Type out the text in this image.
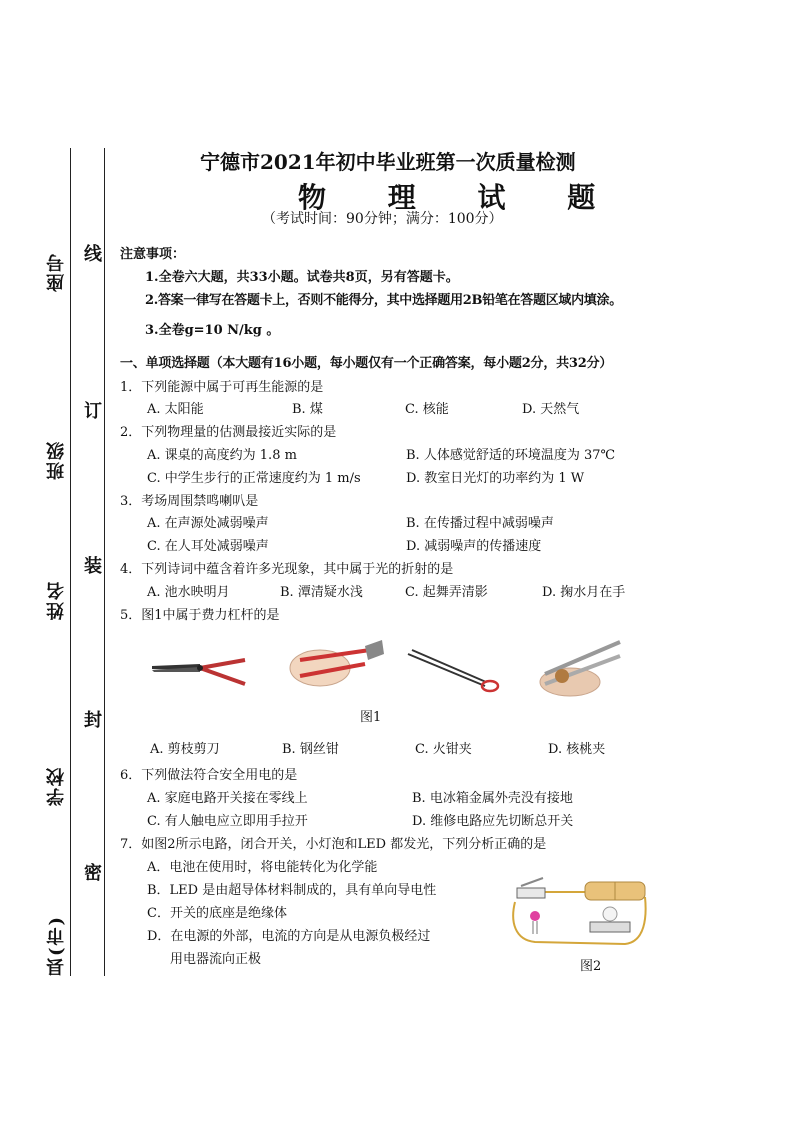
座号
班级
姓名
学校
县(市)
线
订
装
封
密
宁德市2021年初中毕业班第一次质量检测
物 理 试 题
（考试时间：90分钟；满分：100分）
注意事项：
1.全卷六大题，共33小题。试卷共8页，另有答题卡。
2.答案一律写在答题卡上，否则不能得分，其中选择题用2B铅笔在答题区域内填涂。
3.全卷g=10 N/kg 。
一、单项选择题（本大题有16小题，每小题仅有一个正确答案，每小题2分，共32分）
1．下列能源中属于可再生能源的是
A. 太阳能	B. 煤	C. 核能	D. 天然气
2．下列物理量的估测最接近实际的是
A. 课桌的高度约为 1.8 m	B. 人体感觉舒适的环境温度为 37℃
C. 中学生步行的正常速度约为 1 m/s	D. 教室日光灯的功率约为 1 W
3．考场周围禁鸣喇叭是
A. 在声源处减弱噪声	B. 在传播过程中减弱噪声
C. 在人耳处减弱噪声	D. 减弱噪声的传播速度
4．下列诗词中蕴含着许多光现象，其中属于光的折射的是
A. 池水映明月	B. 潭清疑水浅	C. 起舞弄清影	D. 掬水月在手
5．图1中属于费力杠杆的是
图1
A. 剪枝剪刀	B. 钢丝钳	C. 火钳夹	D. 核桃夹
6．下列做法符合安全用电的是
A. 家庭电路开关接在零线上	B. 电冰箱金属外壳没有接地
C. 有人触电应立即用手拉开	D. 维修电路应先切断总开关
7．如图2所示电路，闭合开关，小灯泡和LED 都发光，下列分析正确的是
A．电池在使用时，将电能转化为化学能
B．LED 是由超导体材料制成的，具有单向导电性
C．开关的底座是绝缘体
D．在电源的外部，电流的方向是从电源负极经过
用电器流向正极	图2
